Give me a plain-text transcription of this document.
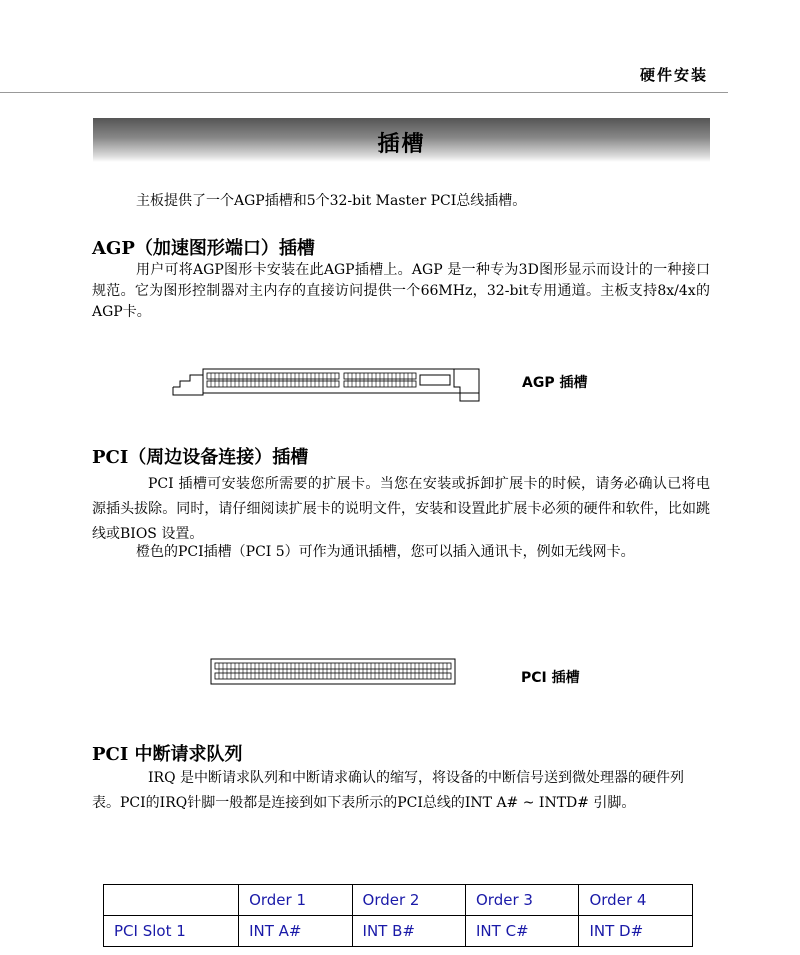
硬件安装
插槽

主板提供了一个AGP插槽和5个32-bit Master PCI总线插槽。

AGP（加速图形端口）插槽

用户可将AGP图形卡安装在此AGP插槽上。AGP 是一种专为3D图形显示而设计的一种接口规范。它为图形控制器对主内存的直接访问提供一个66MHz，32-bit专用通道。主板支持8x/4x的AGP卡。

AGP 插槽
PCI（周边设备连接）插槽

PCI 插槽可安装您所需要的扩展卡。当您在安装或拆卸扩展卡的时候，请务必确认已将电源插头拔除。同时，请仔细阅读扩展卡的说明文件，安装和设置此扩展卡必须的硬件和软件，比如跳线或BIOS 设置。

橙色的PCI插槽（PCI 5）可作为通讯插槽，您可以插入通讯卡，例如无线网卡。

PCI 插槽
PCI 中断请求队列

IRQ 是中断请求队列和中断请求确认的缩写，将设备的中断信号送到微处理器的硬件列表。PCI的IRQ针脚一般都是连接到如下表所示的PCI总线的INT A# ~ INTD# 引脚。

	Order 1	Order 2	Order 3	Order 4
PCI Slot 1	INT A#	INT B#	INT C#	INT D#
